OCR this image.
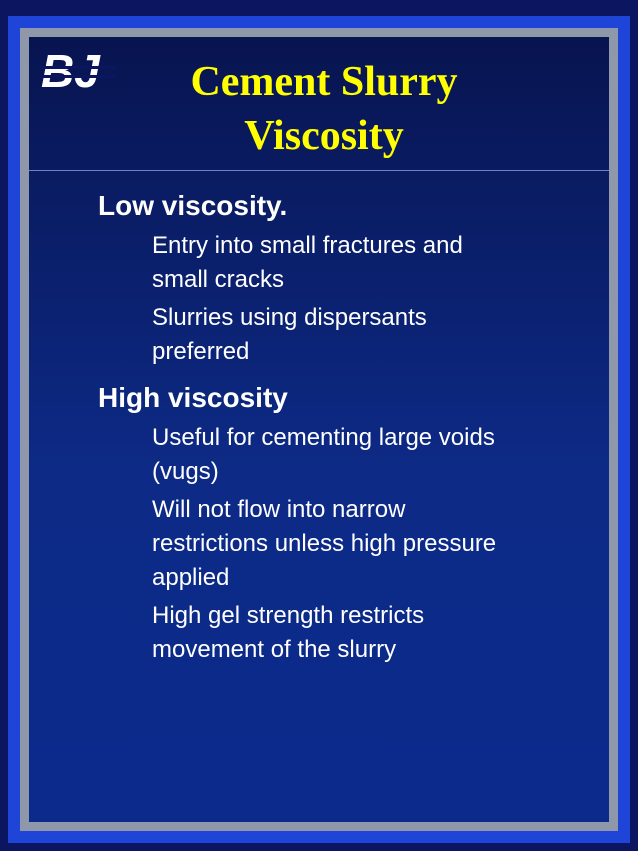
Cement Slurry
Viscosity
Low viscosity.
Entry into small fractures and
small cracks
Slurries using dispersants
preferred
High viscosity
Useful for cementing large voids
(vugs)
Will not flow into narrow
restrictions unless high pressure
applied
High gel strength restricts
movement of the slurry
